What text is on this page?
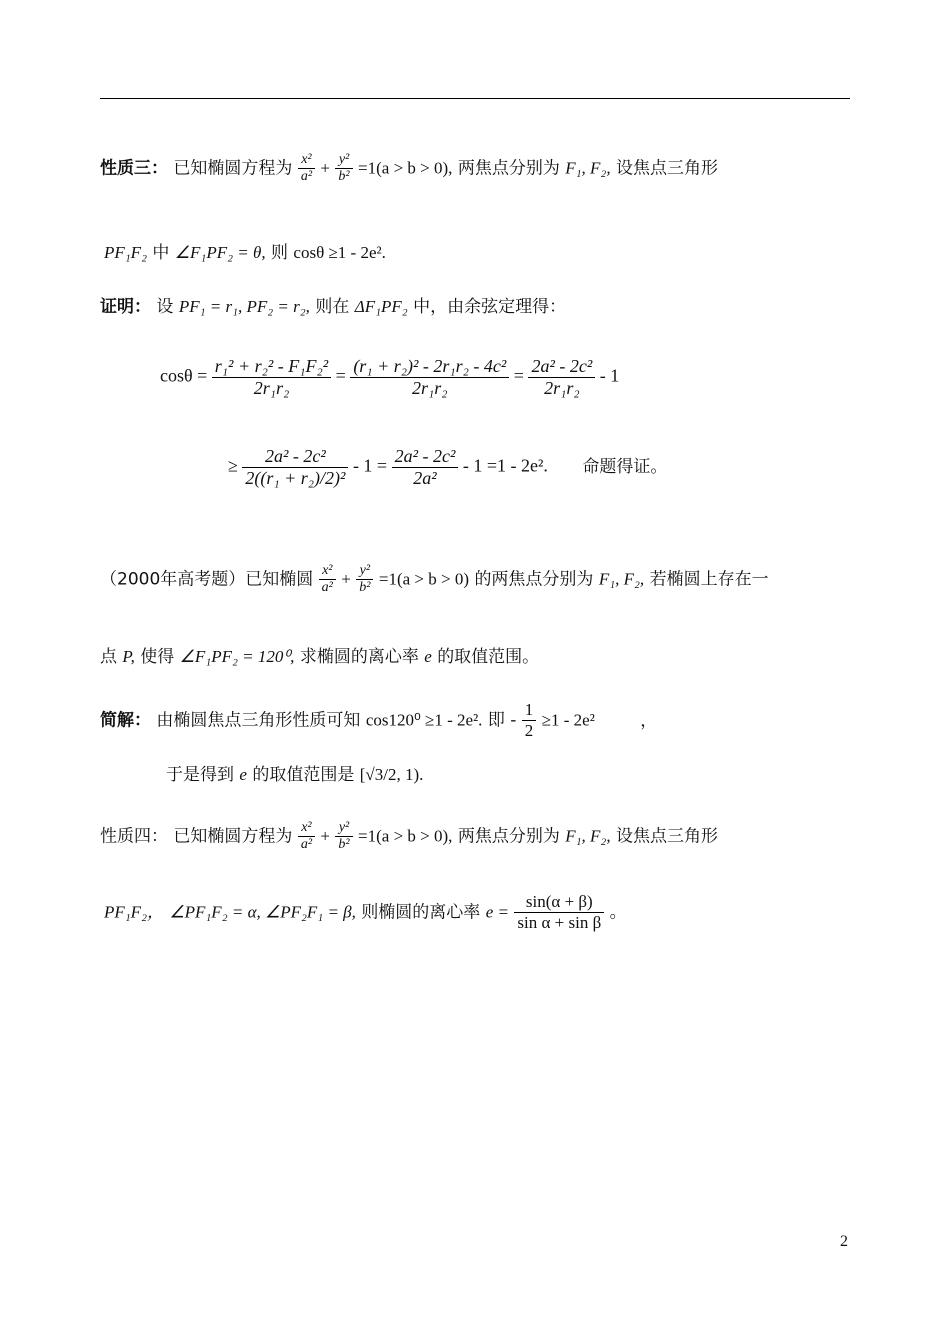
性质三： 已知椭圆方程为 $\frac{\text{x²}}{\text{a²}} + \frac{\text{y²}}{\text{b²}} =1(a > b > 0)$, 两焦点分别为 F₁, F₂, 设焦点三角形
PF₁F₂ 中 ∠F₁PF₂ = θ, 则 cosθ ≥1 - 2e².
证明： 设 PF₁ = r₁, PF₂ = r₂, 则在 ΔF₁PF₂ 中，由余弦定理得：
$\cos\theta = \frac{\text{r₁² + r₂² - F₁F₂²}}{\text{2r₁r₂}} = \frac{\text{(r₁ + r₂)² - 2r₁r₂ - 4c²}}{\text{2r₁r₂}} = \frac{\text{2a² - 2c²}}{\text{2r₁r₂}} - 1$
≥ $\frac{\text{2a² - 2c²}}{\text{2((r₁ + r₂)/2)²}} - 1 = \frac{\text{2a² - 2c²}}{\text{2a²}} - 1 =1 - 2e^2$. 命题得证。
（2000年高考题）已知椭圆 $\frac{\text{x²}}{\text{a²}} + \frac{\text{y²}}{\text{b²}} =1(a > b > 0)$ 的两焦点分别为 F₁, F₂, 若椭圆上存在一
点 P, 使得 ∠F₁PF₂ = 120⁰, 求椭圆的离心率 e 的取值范围。
简解： 由椭圆焦点三角形性质可知 cos120⁰ ≥1 - 2e². 即 - $\frac{1}{2} \ge 1 - 2e^2$	，
于是得到 e 的取值范围是 [√3/2, 1).
性质四： 已知椭圆方程为 $\frac{\text{x²}}{\text{a²}} + \frac{\text{y²}}{\text{b²}} =1(a > b > 0)$, 两焦点分别为 F₁, F₂, 设焦点三角形
PF₁F₂， ∠PF₁F₂ = α, ∠PF₂F₁ = β, 则椭圆的离心率 $e = \frac{\sin(\alpha + \beta)}{\text{sin α + sin β}}$ 。
2
